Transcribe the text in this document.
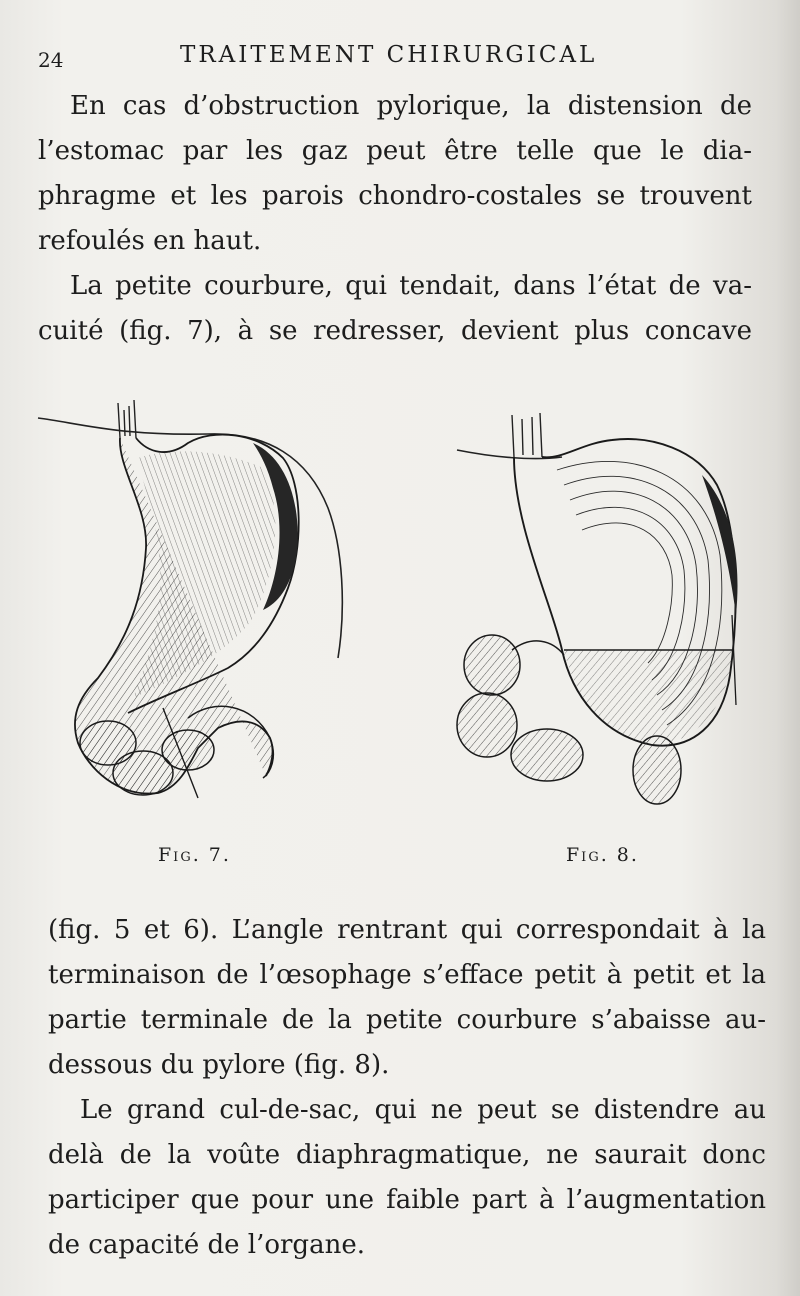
24	TRAITEMENT CHIRURGICAL

En cas d’obstruction pylorique, la distension de

l’estomac par les gaz peut être telle que le dia-

phragme et les parois chondro-costales se trouvent

refoulés en haut.

La petite courbure, qui tendait, dans l’état de va-

cuité (fig. 7), à se redresser, devient plus concave

Fig. 7.	Fig. 8.

(fig. 5 et 6). L’angle rentrant qui correspondait à la

terminaison de l’œsophage s’efface petit à petit et la

partie terminale de la petite courbure s’abaisse au-

dessous du pylore (fig. 8).

Le grand cul-de-sac, qui ne peut se distendre au

delà de la voûte diaphragmatique, ne saurait donc

participer que pour une faible part à l’augmentation

de capacité de l’organe.
